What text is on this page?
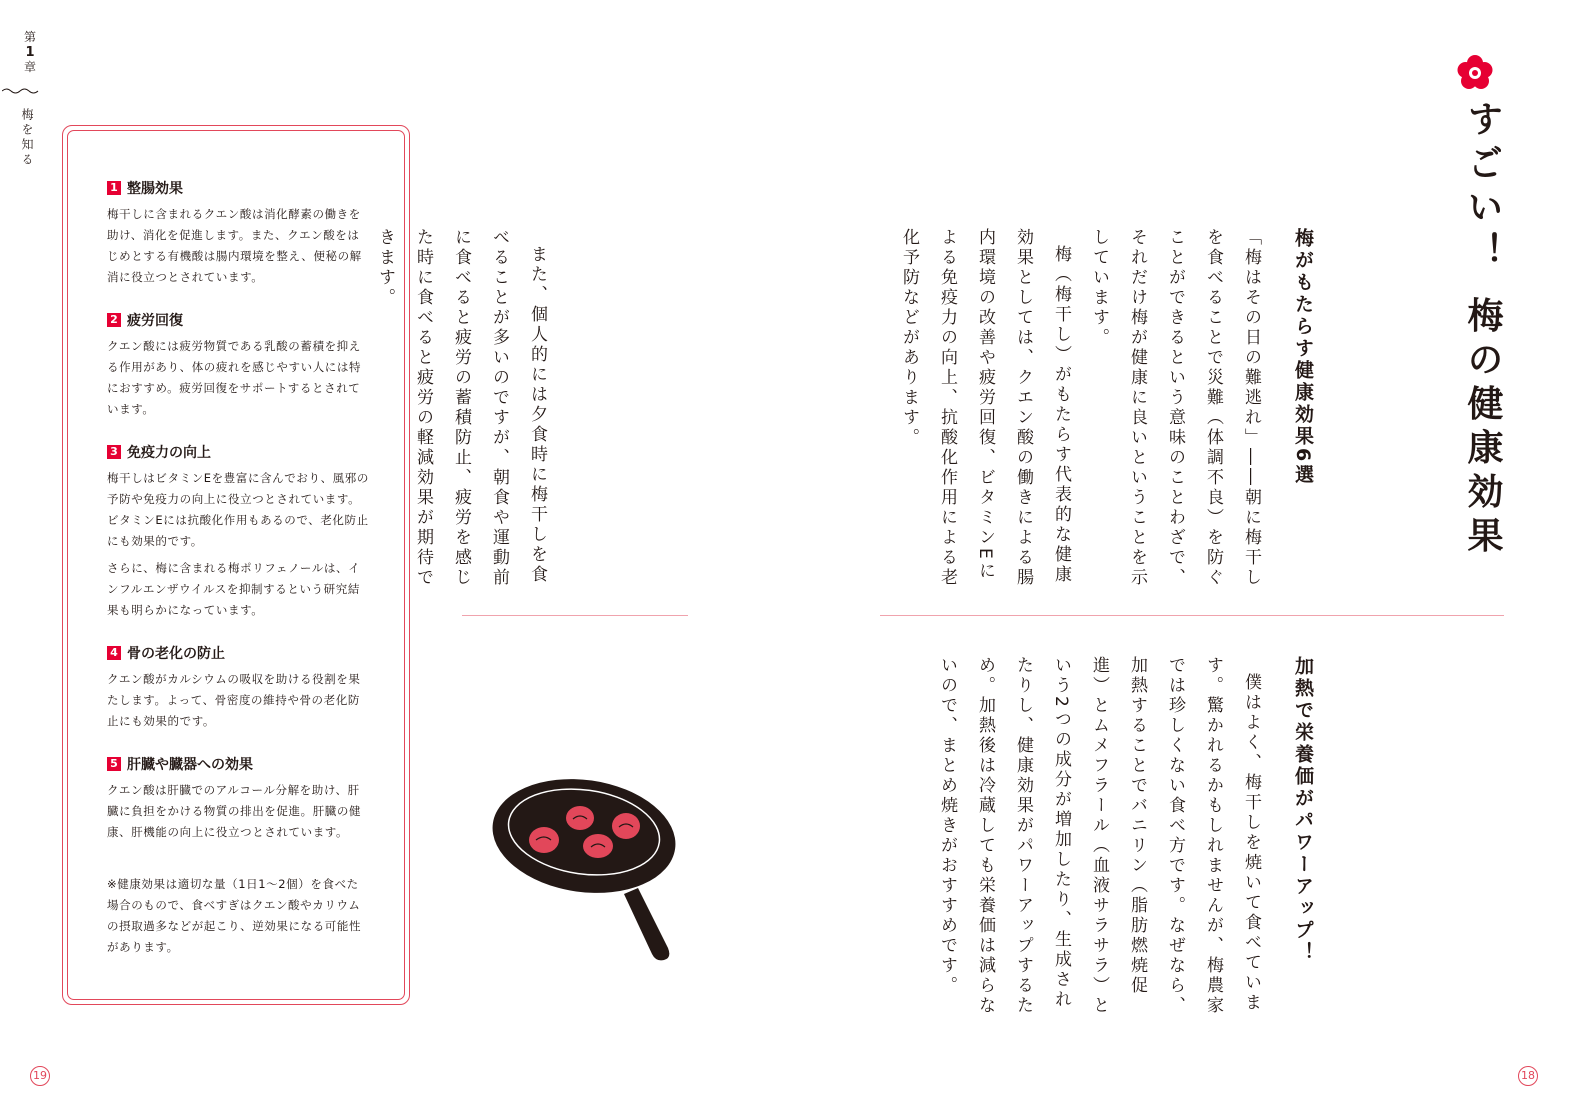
第
1
章
梅を知る
1 整腸効果
梅干しに含まれるクエン酸は消化酵素の働きを助け、消化を促進します。また、クエン酸をはじめとする有機酸は腸内環境を整え、便秘の解消に役立つとされています。
2 疲労回復
クエン酸には疲労物質である乳酸の蓄積を抑える作用があり、体の疲れを感じやすい人には特におすすめ。疲労回復をサポートするとされています。
3 免疫力の向上
梅干しはビタミンEを豊富に含んでおり、風邪の予防や免疫力の向上に役立つとされています。ビタミンEには抗酸化作用もあるので、老化防止にも効果的です。
さらに、梅に含まれる梅ポリフェノールは、インフルエンザウイルスを抑制するという研究結果も明らかになっています。
4 骨の老化の防止
クエン酸がカルシウムの吸収を助ける役割を果たします。よって、骨密度の維持や骨の老化防止にも効果的です。
5 肝臓や臓器への効果
クエン酸は肝臓でのアルコール分解を助け、肝臓に負担をかける物質の排出を促進。肝臓の健康、肝機能の向上に役立つとされています。
※健康効果は適切な量（1日1〜2個）を食べた場合のもので、食べすぎはクエン酸やカリウムの摂取過多などが起こり、逆効果になる可能性があります。
すごい！ 梅の健康効果
梅がもたらす健康効果6選
「梅はその日の難逃れ」――朝に梅干しを食べることで災難（体調不良）を防ぐことができるという意味のことわざで、それだけ梅が健康に良いということを示しています。
梅（梅干し）がもたらす代表的な健康効果としては、クエン酸の働きによる腸内環境の改善や疲労回復、ビタミンEによる免疫力の向上、抗酸化作用による老化予防などがあります。
加熱で栄養価がパワーアップ！
僕はよく、梅干しを焼いて食べています。驚かれるかもしれませんが、梅農家では珍しくない食べ方です。なぜなら、加熱することでバニリン（脂肪燃焼促進）とムメフラール（血液サラサラ）という2つの成分が増加したり、生成されたりし、健康効果がパワーアップするため。加熱後は冷蔵しても栄養価は減らないので、まとめ焼きがおすすめです。
また、個人的には夕食時に梅干しを食べることが多いのですが、朝食や運動前に食べると疲労の蓄積防止、疲労を感じた時に食べると疲労の軽減効果が期待できます。
19	18
